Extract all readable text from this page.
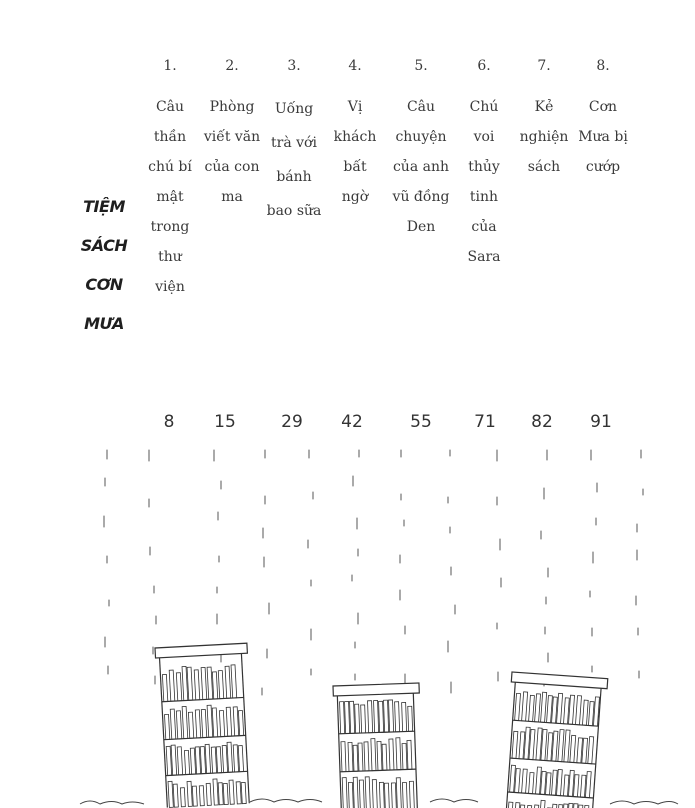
TIỆM
SÁCH
CƠN
MƯA
1.
Câu thần chú bí mật trong thư viện
2.
Phòng viết văn của con ma
3.
Uống trà với bánh bao sữa
4.
Vị khách bất ngờ
5.
Câu chuyện của anh vũ đồng Den
6.
Chú voi thủy tinh của Sara
7.
Kẻ nghiện sách
8.
Cơn Mưa bị cướp
8	15	29	42	55	71	82	91
